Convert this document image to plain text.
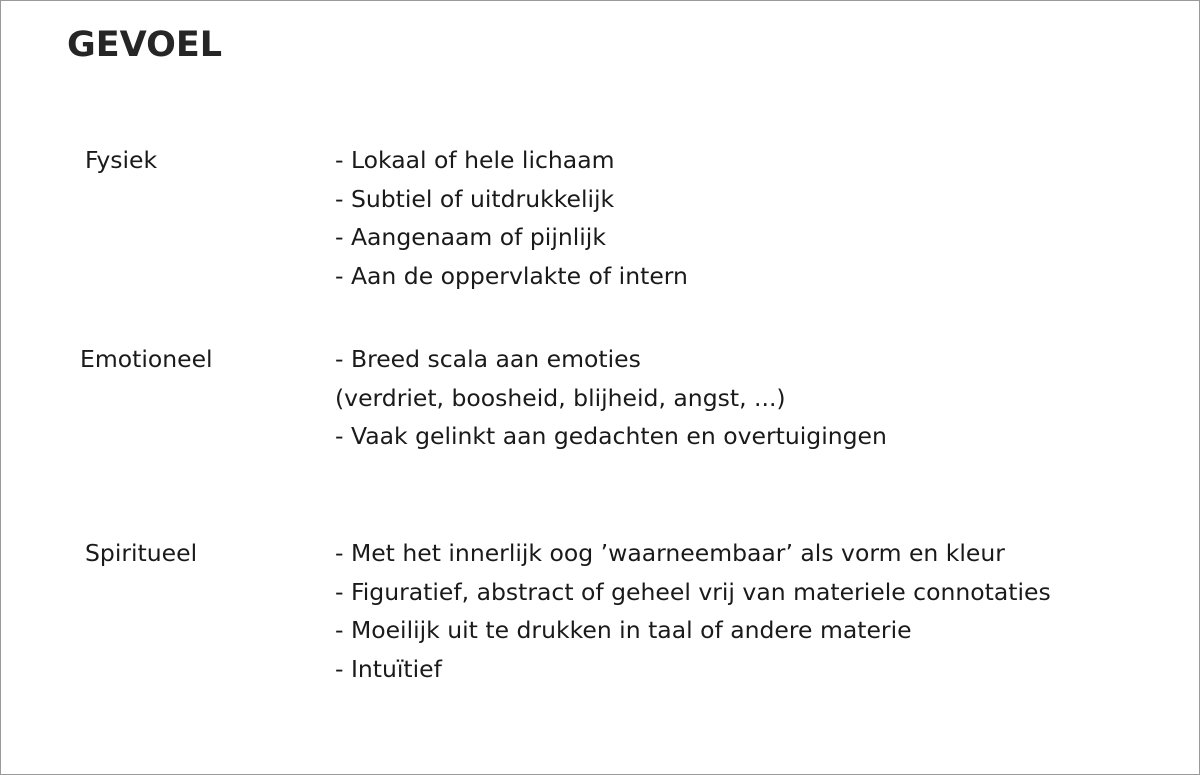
GEVOEL
Fysiek	- Lokaal of hele lichaam
- Subtiel of uitdrukkelijk
- Aangenaam of pijnlijk
- Aan de oppervlakte of intern
Emotioneel	- Breed scala aan emoties
(verdriet, boosheid, blijheid, angst, ...)
- Vaak gelinkt aan gedachten en overtuigingen
Spiritueel	- Met het innerlijk oog ’waarneembaar’ als vorm en kleur
- Figuratief, abstract of geheel vrij van materiele connotaties
- Moeilijk uit te drukken in taal of andere materie
- Intuïtief
